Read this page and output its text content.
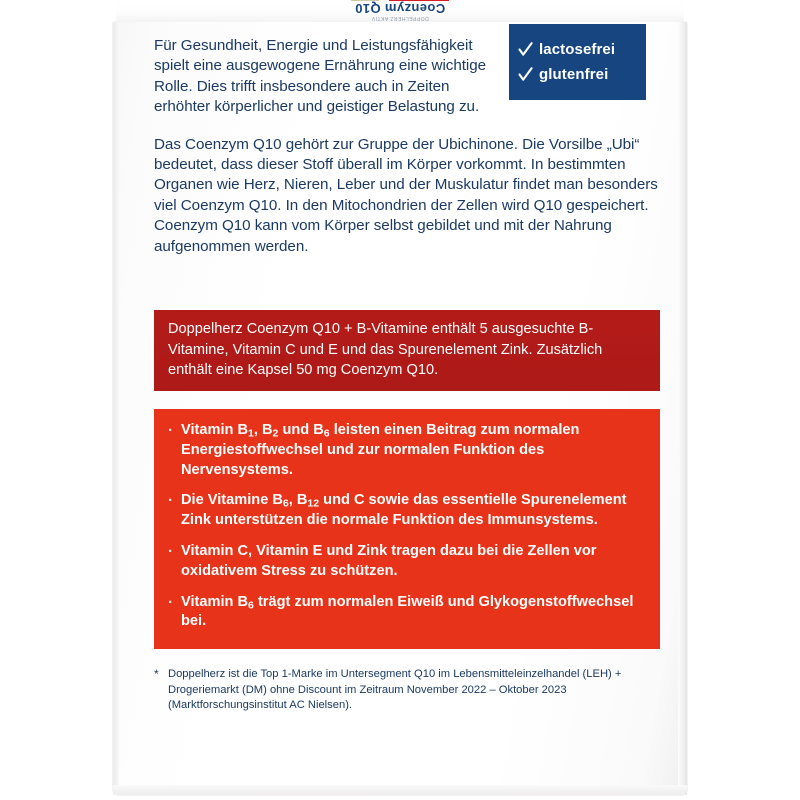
DOPPELHERZ AKTIV
Coenzym Q10

Für Gesundheit, Energie und Leistungsfähigkeit spielt eine ausgewogene Ernährung eine wichtige Rolle. Dies trifft insbesondere auch in Zeiten erhöhter körperlicher und geistiger Belastung zu.

Das Coenzym Q10 gehört zur Gruppe der Ubichinone. Die Vorsilbe „Ubi“ bedeutet, dass dieser Stoff überall im Körper vorkommt. In bestimmten Organen wie Herz, Nieren, Leber und der Muskulatur findet man besonders viel Coenzym Q10. In den Mitochondrien der Zellen wird Q10 gespeichert. Coenzym Q10 kann vom Körper selbst gebildet und mit der Nahrung aufgenommen werden.

lactosefrei
glutenfrei

Doppelherz Coenzym Q10 + B-Vitamine enthält 5 ausgesuchte B-Vitamine, Vitamin C und E und das Spurenelement Zink. Zusätzlich enthält eine Kapsel 50 mg Coenzym Q10.

· Vitamin $B_1$, $B_2$ und $B_6$ leisten einen Beitrag zum normalen Energiestoffwechsel und zur normalen Funktion des Nervensystems.
· Die Vitamine $B_6$, $B_{12}$ und C sowie das essentielle Spurenelement Zink unterstützen die normale Funktion des Immunsystems.
· Vitamin C, Vitamin E und Zink tragen dazu bei die Zellen vor oxidativem Stress zu schützen.
· Vitamin $B_6$ trägt zum normalen Eiweiß und Glykogenstoffwechsel bei.
* Doppelherz ist die Top 1-Marke im Untersegment Q10 im Lebensmitteleinzelhandel (LEH) + Drogeriemarkt (DM) ohne Discount im Zeitraum November 2022 – Oktober 2023 (Marktforschungsinstitut AC Nielsen).
